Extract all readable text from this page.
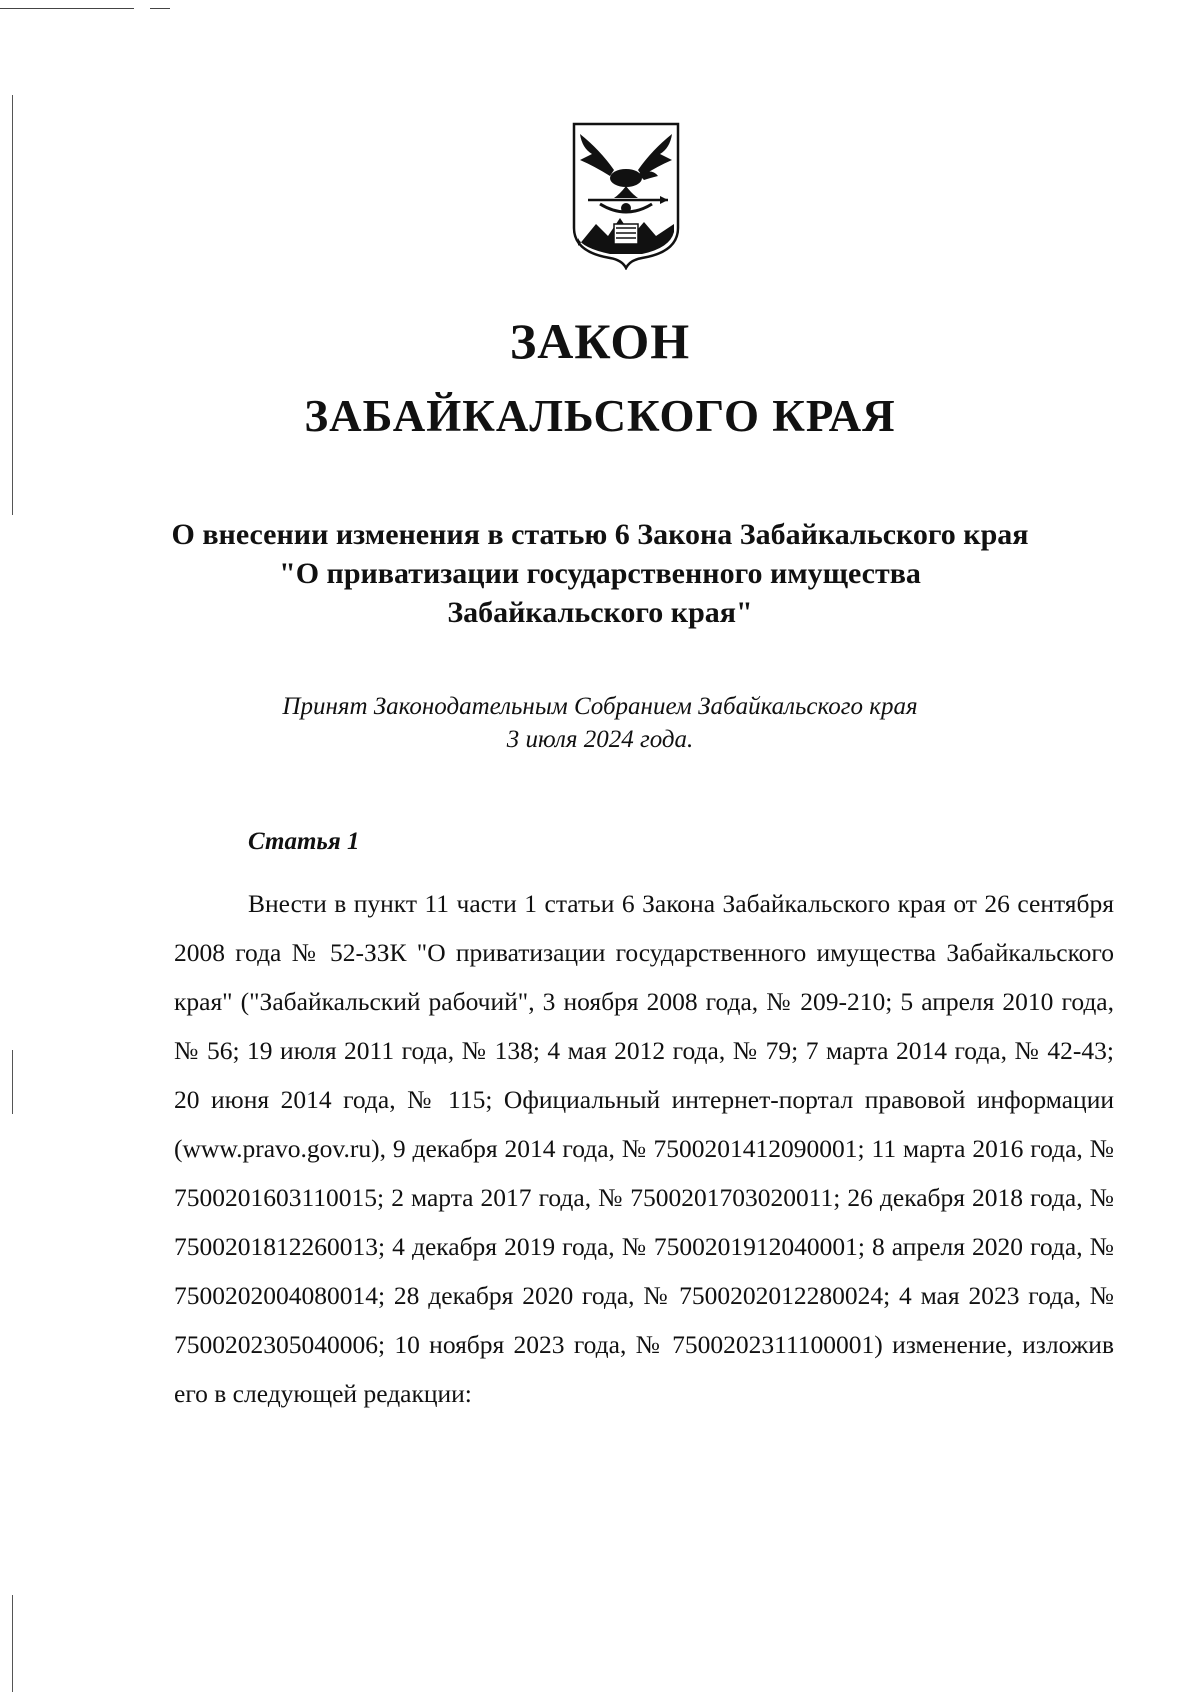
ЗАКОН
ЗАБАЙКАЛЬСКОГО КРАЯ
О внесении изменения в статью 6 Закона Забайкальского края
"О приватизации государственного имущества
Забайкальского края"
Принят Законодательным Собранием Забайкальского края
3 июля 2024 года.
Статья 1
Внести в пункт 11 части 1 статьи 6 Закона Забайкальского края от 26 сентября 2008 года № 52-ЗЗК "О приватизации государственного имущества Забайкальского края" ("Забайкальский рабочий", 3 ноября 2008 года, № 209-210; 5 апреля 2010 года, № 56; 19 июля 2011 года, № 138; 4 мая 2012 года, № 79; 7 марта 2014 года, № 42-43; 20 июня 2014 года, № 115; Официальный интернет-портал правовой информации (www.pravo.gov.ru), 9 декабря 2014 года, № 7500201412090001; 11 марта 2016 года, № 7500201603110015; 2 марта 2017 года, № 7500201703020011; 26 декабря 2018 года, № 7500201812260013; 4 декабря 2019 года, № 7500201912040001; 8 апреля 2020 года, № 7500202004080014; 28 декабря 2020 года, № 7500202012280024; 4 мая 2023 года, № 7500202305040006; 10 ноября 2023 года, № 7500202311100001) изменение, изложив его в следующей редакции:
